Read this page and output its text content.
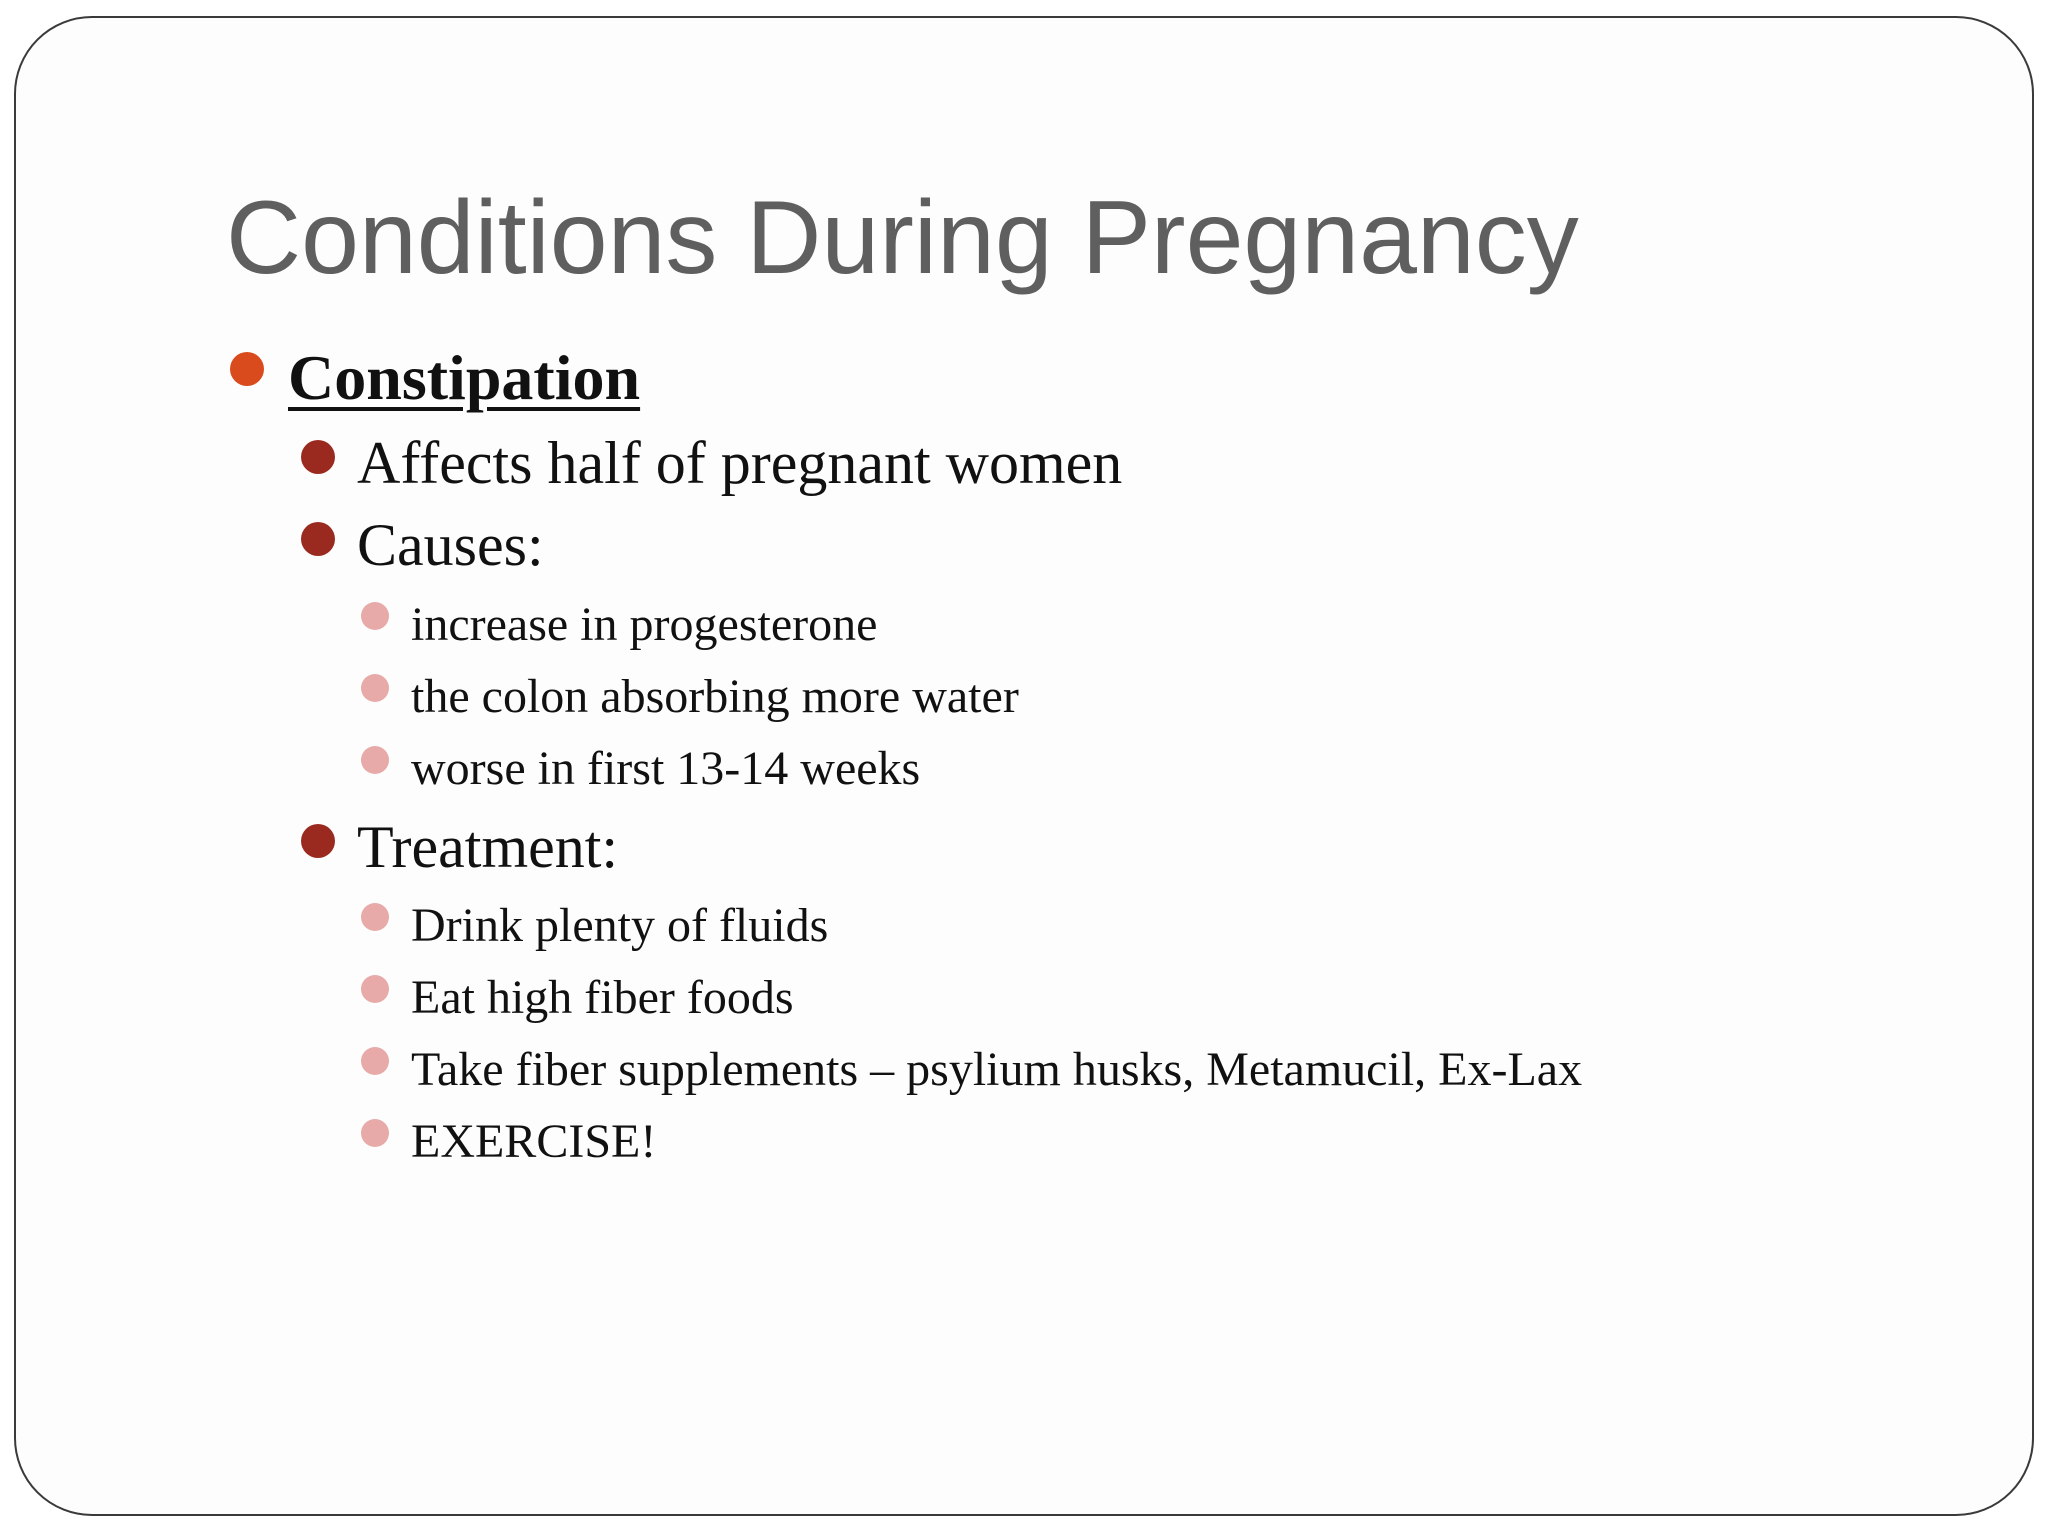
Conditions During Pregnancy
Constipation
Affects half of pregnant women
Causes:
increase in progesterone
the colon absorbing more water
worse in first 13-14 weeks
Treatment:
Drink plenty of fluids
Eat high fiber foods
Take fiber supplements – psylium husks, Metamucil, Ex-Lax
EXERCISE!
